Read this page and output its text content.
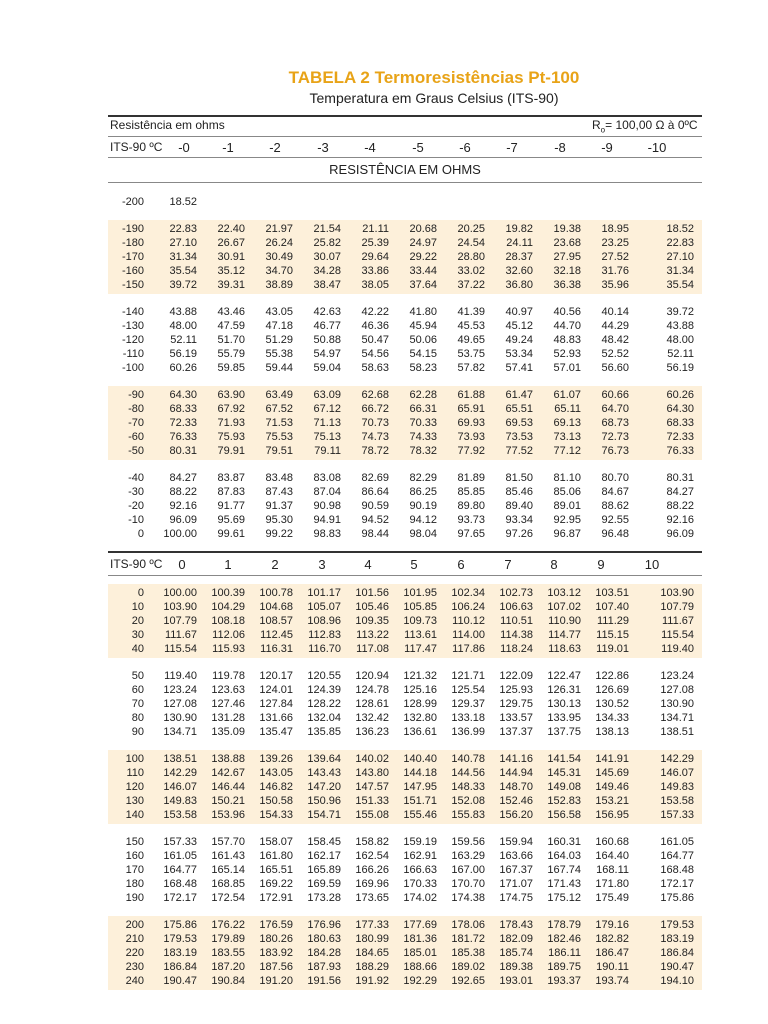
TABELA 2 Termoresistências Pt-100
Temperatura em Graus Celsius (ITS-90)
Resistência em ohms	$R_o= 100,00$ Ω à 0ºC
ITS-90 ºC	-0	-1	-2	-3	-4	-5	-6	-7	-8	-9	-10
RESISTÊNCIA EM OHMS
-200 18.52
-190 22.83 22.40 21.97 21.54 21.11 20.68 20.25 19.82 19.38 18.95	18.52
-180 27.10 26.67 26.24 25.82 25.39 24.97 24.54 24.11 23.68 23.25	22.83
-170 31.34 30.91 30.49 30.07 29.64 29.22 28.80 28.37 27.95 27.52	27.10
-160 35.54 35.12 34.70 34.28 33.86 33.44 33.02 32.60 32.18 31.76	31.34
-150 39.72 39.31 38.89 38.47 38.05 37.64 37.22 36.80 36.38 35.96	35.54
-140 43.88 43.46 43.05 42.63 42.22 41.80 41.39 40.97 40.56 40.14	39.72
-130 48.00 47.59 47.18 46.77 46.36 45.94 45.53 45.12 44.70 44.29	43.88
-120 52.11 51.70 51.29 50.88 50.47 50.06 49.65 49.24 48.83 48.42	48.00
-110 56.19 55.79 55.38 54.97 54.56 54.15 53.75 53.34 52.93 52.52	52.11
-100 60.26 59.85 59.44 59.04 58.63 58.23 57.82 57.41 57.01 56.60	56.19
-90 64.30 63.90 63.49 63.09 62.68 62.28 61.88 61.47 61.07 60.66	60.26
-80 68.33 67.92 67.52 67.12 66.72 66.31 65.91 65.51 65.11 64.70	64.30
-70 72.33 71.93 71.53 71.13 70.73 70.33 69.93 69.53 69.13 68.73	68.33
-60 76.33 75.93 75.53 75.13 74.73 74.33 73.93 73.53 73.13 72.73	72.33
-50 80.31 79.91 79.51 79.11 78.72 78.32 77.92 77.52 77.12 76.73	76.33
-40 84.27 83.87 83.48 83.08 82.69 82.29 81.89 81.50 81.10 80.70	80.31
-30 88.22 87.83 87.43 87.04 86.64 86.25 85.85 85.46 85.06 84.67	84.27
-20 92.16 91.77 91.37 90.98 90.59 90.19 89.80 89.40 89.01 88.62	88.22
-10 96.09 95.69 95.30 94.91 94.52 94.12 93.73 93.34 92.95 92.55	92.16
0 100.00 99.61 99.22 98.83 98.44 98.04 97.65 97.26 96.87 96.48	96.09
ITS-90 ºC	0	1	2	3	4	5	6	7	8	9	10
0 100.00 100.39 100.78 101.17 101.56 101.95 102.34 102.73 103.12 103.51	103.90
10 103.90 104.29 104.68 105.07 105.46 105.85 106.24 106.63 107.02 107.40	107.79
20 107.79 108.18 108.57 108.96 109.35 109.73 110.12 110.51 110.90 111.29	111.67
30 111.67 112.06 112.45 112.83 113.22 113.61 114.00 114.38 114.77 115.15	115.54
40 115.54 115.93 116.31 116.70 117.08 117.47 117.86 118.24 118.63 119.01	119.40
50 119.40 119.78 120.17 120.55 120.94 121.32 121.71 122.09 122.47 122.86	123.24
60 123.24 123.63 124.01 124.39 124.78 125.16 125.54 125.93 126.31 126.69	127.08
70 127.08 127.46 127.84 128.22 128.61 128.99 129.37 129.75 130.13 130.52	130.90
80 130.90 131.28 131.66 132.04 132.42 132.80 133.18 133.57 133.95 134.33	134.71
90 134.71 135.09 135.47 135.85 136.23 136.61 136.99 137.37 137.75 138.13	138.51
100 138.51 138.88 139.26 139.64 140.02 140.40 140.78 141.16 141.54 141.91	142.29
110 142.29 142.67 143.05 143.43 143.80 144.18 144.56 144.94 145.31 145.69	146.07
120 146.07 146.44 146.82 147.20 147.57 147.95 148.33 148.70 149.08 149.46	149.83
130 149.83 150.21 150.58 150.96 151.33 151.71 152.08 152.46 152.83 153.21	153.58
140 153.58 153.96 154.33 154.71 155.08 155.46 155.83 156.20 156.58 156.95	157.33
150 157.33 157.70 158.07 158.45 158.82 159.19 159.56 159.94 160.31 160.68	161.05
160 161.05 161.43 161.80 162.17 162.54 162.91 163.29 163.66 164.03 164.40	164.77
170 164.77 165.14 165.51 165.89 166.26 166.63 167.00 167.37 167.74 168.11	168.48
180 168.48 168.85 169.22 169.59 169.96 170.33 170.70 171.07 171.43 171.80	172.17
190 172.17 172.54 172.91 173.28 173.65 174.02 174.38 174.75 175.12 175.49	175.86
200 175.86 176.22 176.59 176.96 177.33 177.69 178.06 178.43 178.79 179.16	179.53
210 179.53 179.89 180.26 180.63 180.99 181.36 181.72 182.09 182.46 182.82	183.19
220 183.19 183.55 183.92 184.28 184.65 185.01 185.38 185.74 186.11 186.47	186.84
230 186.84 187.20 187.56 187.93 188.29 188.66 189.02 189.38 189.75 190.11	190.47
240 190.47 190.84 191.20 191.56 191.92 192.29 192.65 193.01 193.37 193.74	194.10
